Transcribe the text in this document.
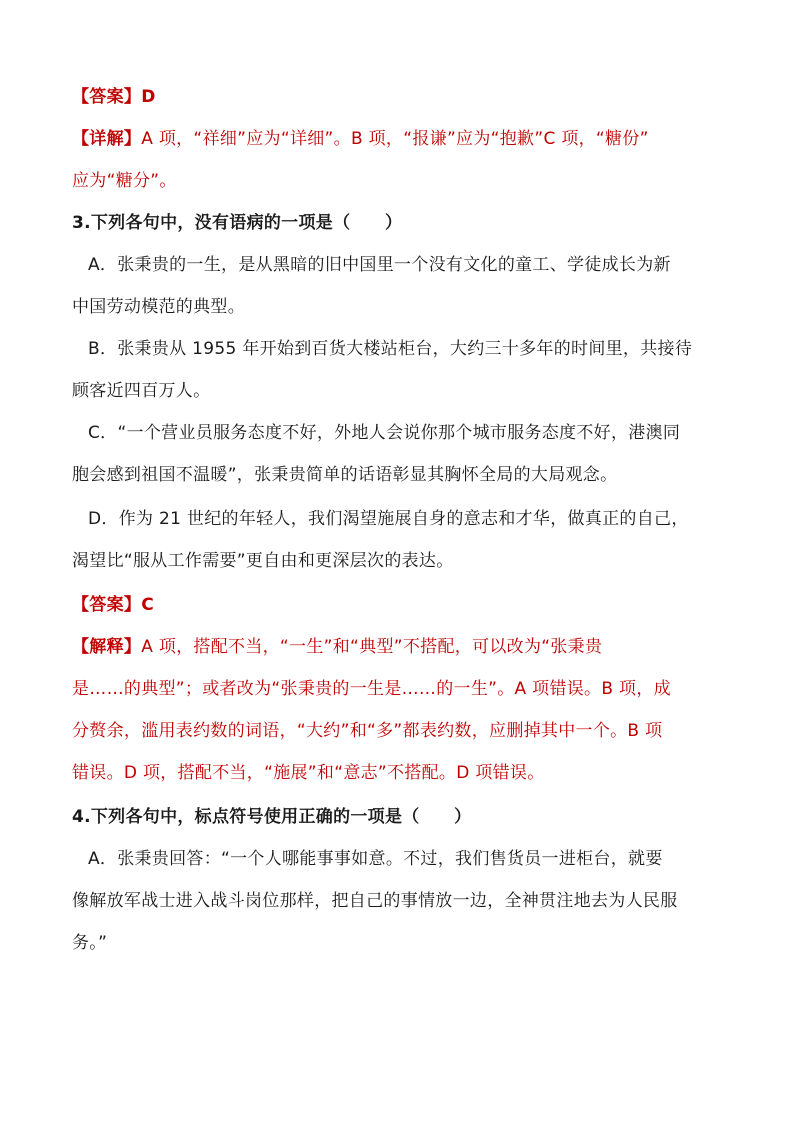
【答案】D
【详解】A 项，“祥细”应为“详细”。B 项，“报谦”应为“抱歉”C 项，“糖份”
应为“糖分”。
3.下列各句中，没有语病的一项是（　　）
A．张秉贵的一生，是从黑暗的旧中国里一个没有文化的童工、学徒成长为新
中国劳动模范的典型。
B．张秉贵从 1955 年开始到百货大楼站柜台，大约三十多年的时间里，共接待
顾客近四百万人。
C．“一个营业员服务态度不好，外地人会说你那个城市服务态度不好，港澳同
胞会感到祖国不温暖”，张秉贵简单的话语彰显其胸怀全局的大局观念。
D．作为 21 世纪的年轻人，我们渴望施展自身的意志和才华，做真正的自己，
渴望比“服从工作需要”更自由和更深层次的表达。
【答案】C
【解释】A 项，搭配不当，“一生”和“典型”不搭配，可以改为“张秉贵
是……的典型”；或者改为“张秉贵的一生是……的一生”。A 项错误。B 项，成
分赘余，滥用表约数的词语，“大约”和“多”都表约数，应删掉其中一个。B 项
错误。D 项，搭配不当，“施展”和“意志”不搭配。D 项错误。
4.下列各句中，标点符号使用正确的一项是（　　）
A．张秉贵回答：“一个人哪能事事如意。不过，我们售货员一进柜台，就要
像解放军战士进入战斗岗位那样，把自己的事情放一边，全神贯注地去为人民服
务。”
